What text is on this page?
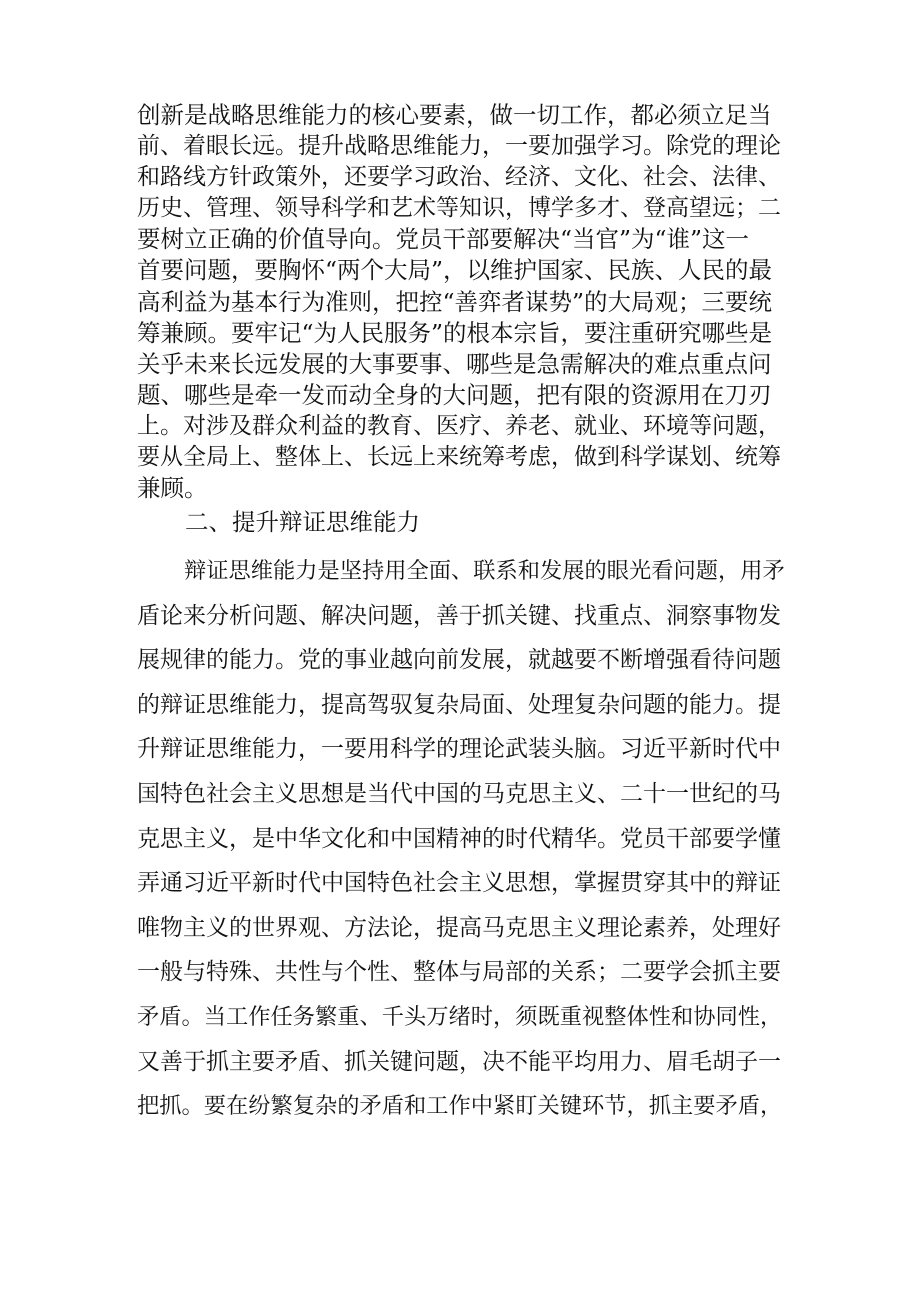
创新是战略思维能力的核心要素，做一切工作，都必须立足当
前、着眼长远。提升战略思维能力，一要加强学习。除党的理论
和路线方针政策外，还要学习政治、经济、文化、社会、法律、
历史、管理、领导科学和艺术等知识，博学多才、登高望远；二
要树立正确的价值导向。党员干部要解决“当官”为“谁”这一
首要问题，要胸怀“两个大局”，以维护国家、民族、人民的最
高利益为基本行为准则，把控“善弈者谋势”的大局观；三要统
筹兼顾。要牢记“为人民服务”的根本宗旨，要注重研究哪些是
关乎未来长远发展的大事要事、哪些是急需解决的难点重点问
题、哪些是牵一发而动全身的大问题，把有限的资源用在刀刃
上。对涉及群众利益的教育、医疗、养老、就业、环境等问题，
要从全局上、整体上、长远上来统筹考虑，做到科学谋划、统筹
兼顾。
二、提升辩证思维能力
辩证思维能力是坚持用全面、联系和发展的眼光看问题，用矛
盾论来分析问题、解决问题，善于抓关键、找重点、洞察事物发
展规律的能力。党的事业越向前发展，就越要不断增强看待问题
的辩证思维能力，提高驾驭复杂局面、处理复杂问题的能力。提
升辩证思维能力，一要用科学的理论武装头脑。习近平新时代中
国特色社会主义思想是当代中国的马克思主义、二十一世纪的马
克思主义，是中华文化和中国精神的时代精华。党员干部要学懂
弄通习近平新时代中国特色社会主义思想，掌握贯穿其中的辩证
唯物主义的世界观、方法论，提高马克思主义理论素养，处理好
一般与特殊、共性与个性、整体与局部的关系；二要学会抓主要
矛盾。当工作任务繁重、千头万绪时，须既重视整体性和协同性，
又善于抓主要矛盾、抓关键问题，决不能平均用力、眉毛胡子一
把抓。要在纷繁复杂的矛盾和工作中紧盯关键环节，抓主要矛盾，
